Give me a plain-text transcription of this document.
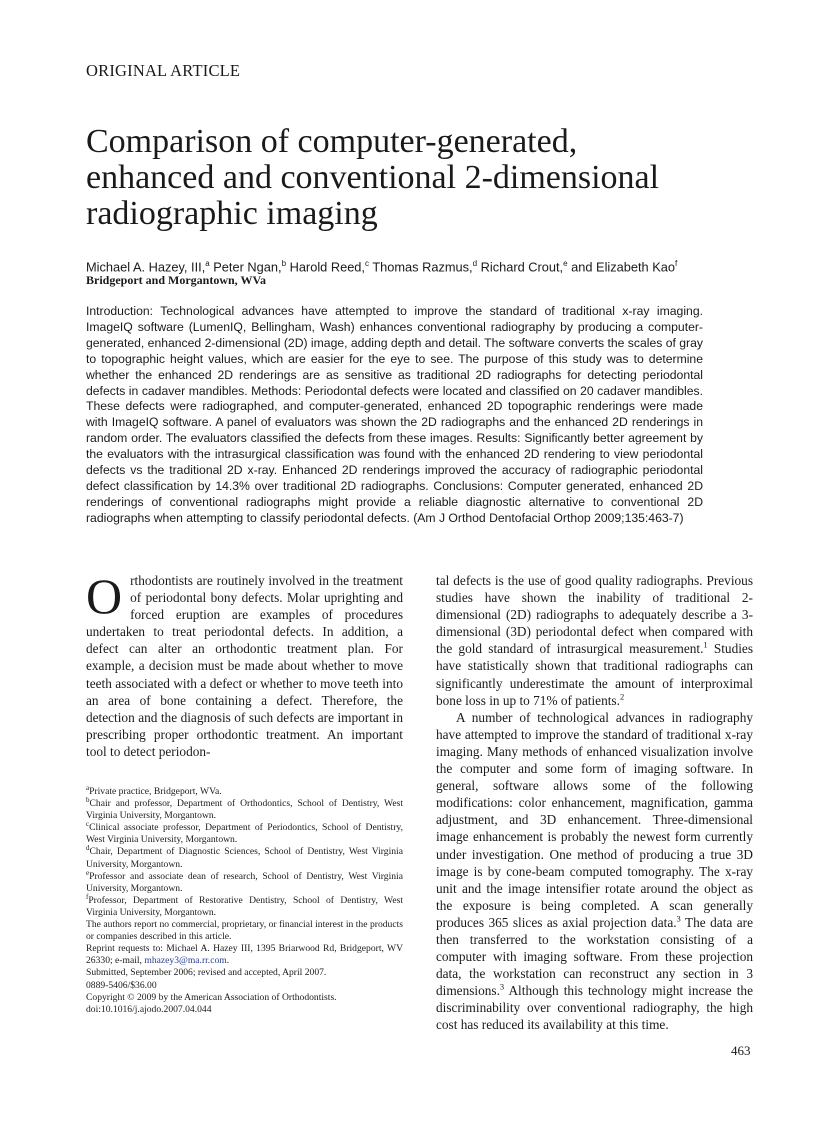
ORIGINAL ARTICLE
Comparison of computer-generated,
enhanced and conventional 2-dimensional
radiographic imaging
Michael A. Hazey, III,$^a$ Peter Ngan,$^b$ Harold Reed,$^c$ Thomas Razmus,$^d$ Richard Crout,$^e$ and Elizabeth Kao$^f$
Bridgeport and Morgantown, WVa
Introduction: Technological advances have attempted to improve the standard of traditional x-ray imaging. ImageIQ software (LumenIQ, Bellingham, Wash) enhances conventional radiography by producing a computer-generated, enhanced 2-dimensional (2D) image, adding depth and detail. The software converts the scales of gray to topographic height values, which are easier for the eye to see. The purpose of this study was to determine whether the enhanced 2D renderings are as sensitive as traditional 2D radiographs for detecting periodontal defects in cadaver mandibles. Methods: Periodontal defects were located and classified on 20 cadaver mandibles. These defects were radiographed, and computer-generated, enhanced 2D topographic renderings were made with ImageIQ software. A panel of evaluators was shown the 2D radiographs and the enhanced 2D renderings in random order. The evaluators classified the defects from these images. Results: Significantly better agreement by the evaluators with the intrasurgical classification was found with the enhanced 2D rendering to view periodontal defects vs the traditional 2D x-ray. Enhanced 2D renderings improved the accuracy of radiographic periodontal defect classification by 14.3% over traditional 2D radiographs. Conclusions: Computer generated, enhanced 2D renderings of conventional radiographs might provide a reliable diagnostic alternative to conventional 2D radiographs when attempting to classify periodontal defects. (Am J Orthod Dentofacial Orthop 2009;135:463-7)

Orthodontists are routinely involved in the treatment of periodontal bony defects. Molar uprighting and forced eruption are examples of procedures undertaken to treat periodontal defects. In addition, a defect can alter an orthodontic treatment plan. For example, a decision must be made about whether to move teeth associated with a defect or whether to move teeth into an area of bone containing a defect. Therefore, the detection and the diagnosis of such defects are important in prescribing proper orthodontic treatment. An important tool to detect periodon-

tal defects is the use of good quality radiographs. Previous studies have shown the inability of traditional 2-dimensional (2D) radiographs to adequately describe a 3-dimensional (3D) periodontal defect when compared with the gold standard of intrasurgical measurement.$^1$ Studies have statistically shown that traditional radiographs can significantly underestimate the amount of interproximal bone loss in up to 71% of patients.$^2$

A number of technological advances in radiography have attempted to improve the standard of traditional x-ray imaging. Many methods of enhanced visualization involve the computer and some form of imaging software. In general, software allows some of the following modifications: color enhancement, magnification, gamma adjustment, and 3D enhancement. Three-dimensional image enhancement is probably the newest form currently under investigation. One method of producing a true 3D image is by cone-beam computed tomography. The x-ray unit and the image intensifier rotate around the object as the exposure is being completed. A scan generally produces 365 slices as axial projection data.$^3$ The data are then transferred to the workstation consisting of a computer with imaging software. From these projection data, the workstation can reconstruct any section in 3 dimensions.$^3$ Although this technology might increase the discriminability over conventional radiography, the high cost has reduced its availability at this time.

$^a$Private practice, Bridgeport, WVa.

$^b$Chair and professor, Department of Orthodontics, School of Dentistry, West Virginia University, Morgantown.

$^c$Clinical associate professor, Department of Periodontics, School of Dentistry, West Virginia University, Morgantown.

$^d$Chair, Department of Diagnostic Sciences, School of Dentistry, West Virginia University, Morgantown.

$^e$Professor and associate dean of research, School of Dentistry, West Virginia University, Morgantown.

$^f$Professor, Department of Restorative Dentistry, School of Dentistry, West Virginia University, Morgantown.

The authors report no commercial, proprietary, or financial interest in the products or companies described in this article.

Reprint requests to: Michael A. Hazey III, 1395 Briarwood Rd, Bridgeport, WV 26330; e-mail, mhazey3@ma.rr.com.

Submitted, September 2006; revised and accepted, April 2007.

0889-5406/$36.00

Copyright © 2009 by the American Association of Orthodontists.

doi:10.1016/j.ajodo.2007.04.044

463
